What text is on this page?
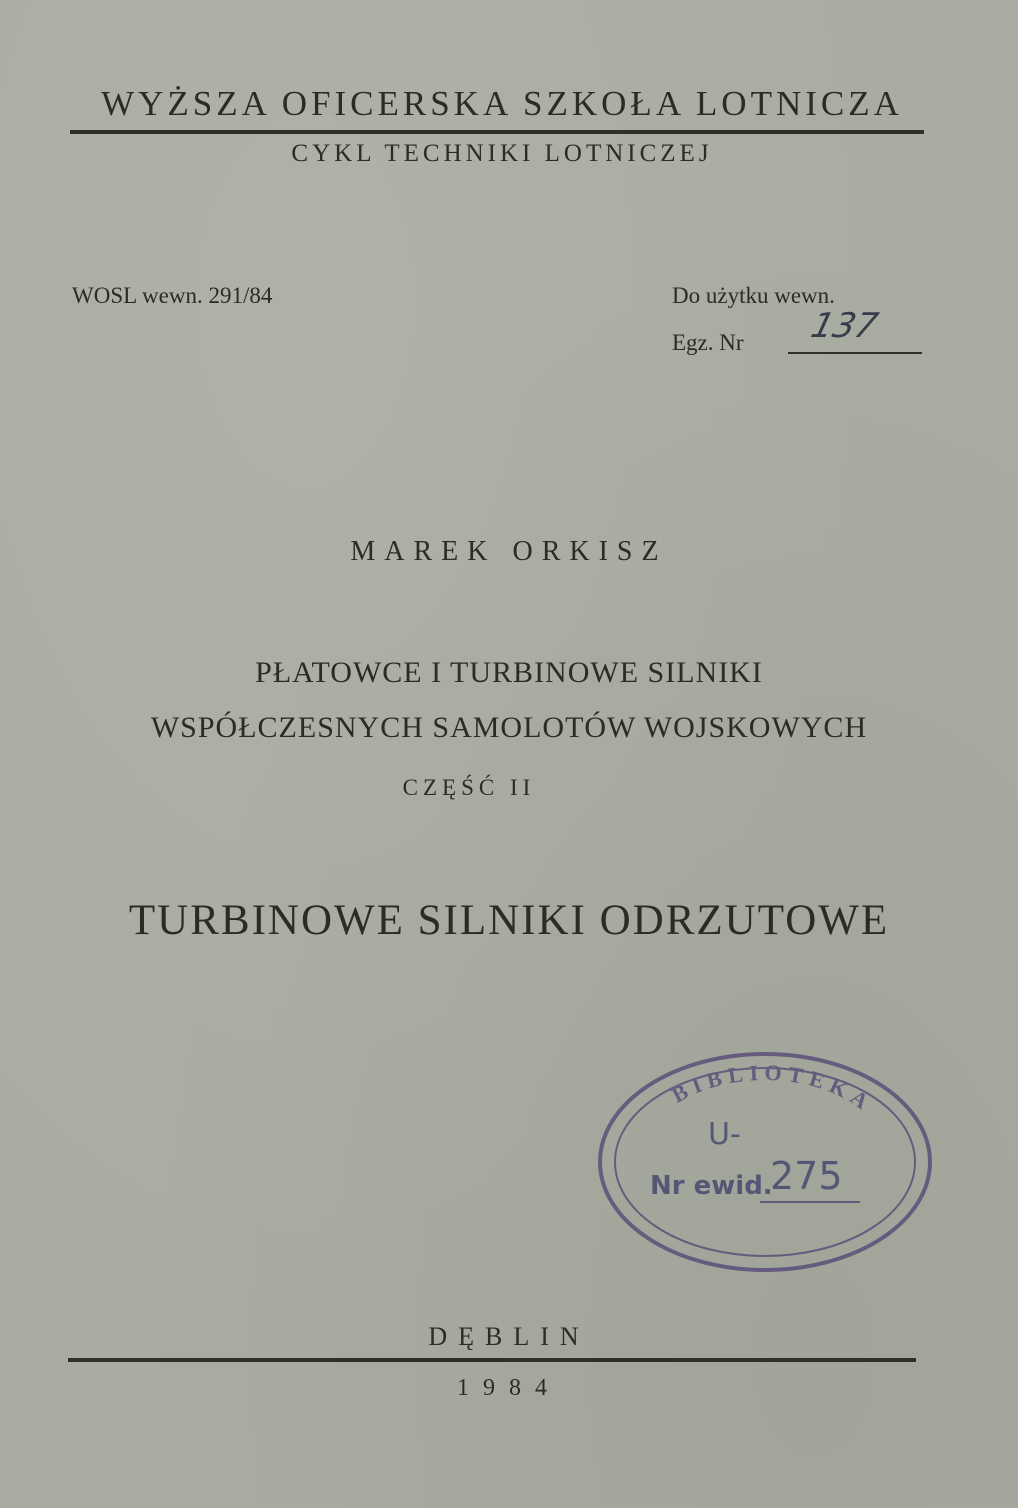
WYŻSZA OFICERSKA SZKOŁA LOTNICZA
CYKL TECHNIKI LOTNICZEJ
WOSL wewn. 291/84	Do użytku wewn.
Egz. Nr 137
MAREK ORKISZ
PŁATOWCE I TURBINOWE SILNIKI
WSPÓŁCZESNYCH SAMOLOTÓW WOJSKOWYCH
CZĘŚĆ II
TURBINOWE SILNIKI ODRZUTOWE
BIBLIOTEKA
U-
Nr ewid.
275
DĘBLIN
1984
